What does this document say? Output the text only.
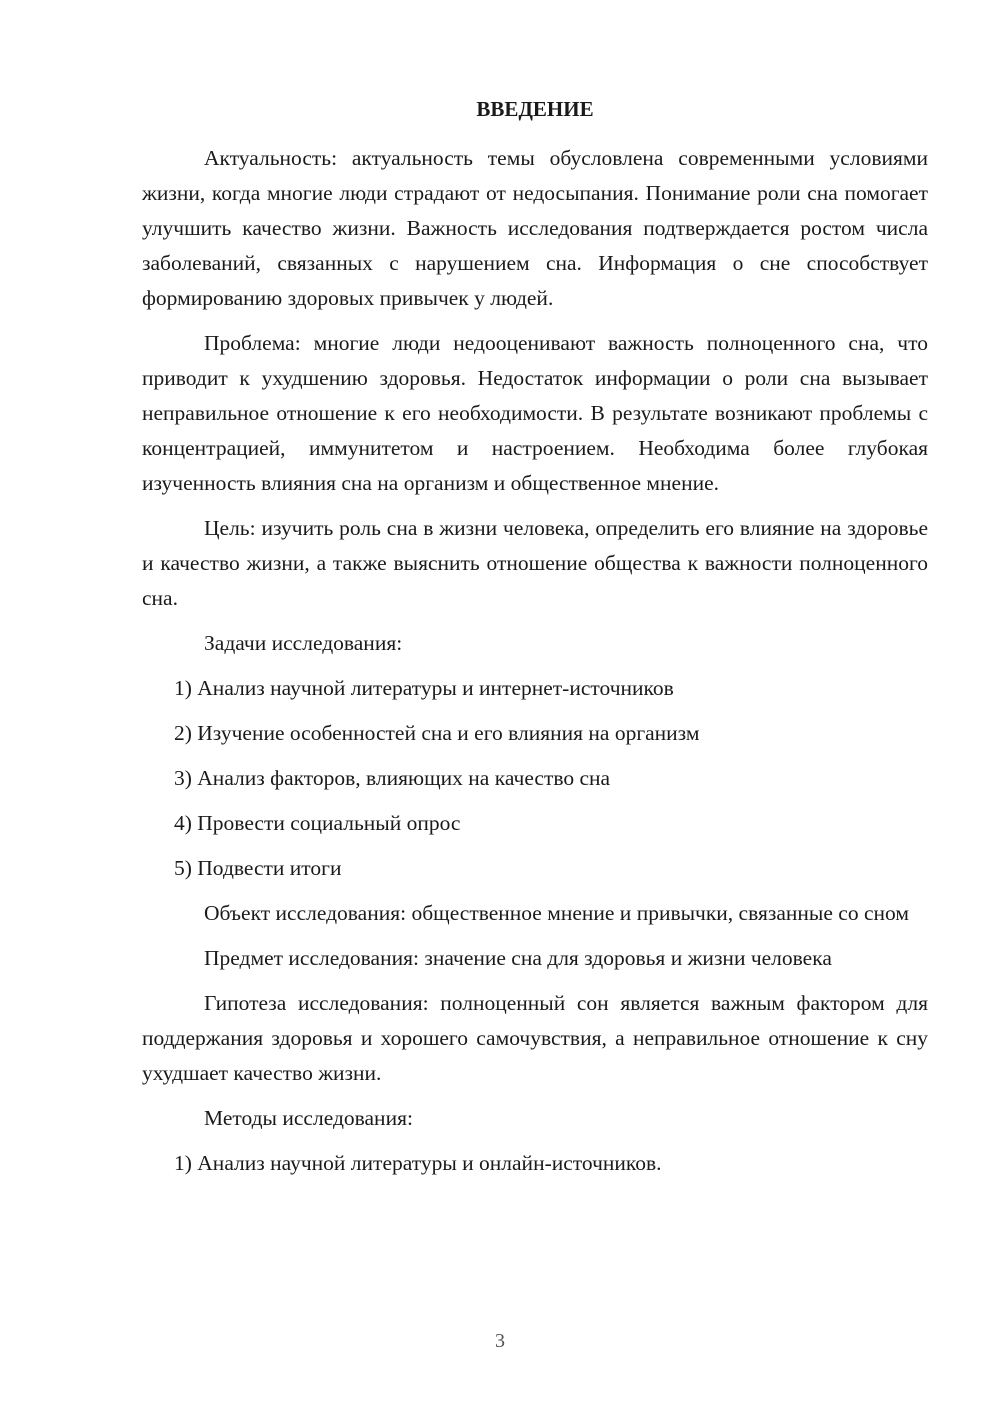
ВВЕДЕНИЕ

Актуальность: актуальность темы обусловлена современными условиями жизни, когда многие люди страдают от недосыпания. Понимание роли сна помогает улучшить качество жизни. Важность исследования подтверждается ростом числа заболеваний, связанных с нарушением сна. Информация о сне способствует формированию здоровых привычек у людей.

Проблема: многие люди недооценивают важность полноценного сна, что приводит к ухудшению здоровья. Недостаток информации о роли сна вызывает неправильное отношение к его необходимости. В результате возникают проблемы с концентрацией, иммунитетом и настроением. Необходима более глубокая изученность влияния сна на организм и общественное мнение.

Цель: изучить роль сна в жизни человека, определить его влияние на здоровье и качество жизни, а также выяснить отношение общества к важности полноценного сна.

Задачи исследования:

1) Анализ научной литературы и интернет-источников

2) Изучение особенностей сна и его влияния на организм

3) Анализ факторов, влияющих на качество сна

4) Провести социальный опрос

5) Подвести итоги

Объект исследования: общественное мнение и привычки, связанные со сном

Предмет исследования: значение сна для здоровья и жизни человека

Гипотеза исследования: полноценный сон является важным фактором для поддержания здоровья и хорошего самочувствия, а неправильное отношение к сну ухудшает качество жизни.

Методы исследования:

1) Анализ научной литературы и онлайн-источников.

3
